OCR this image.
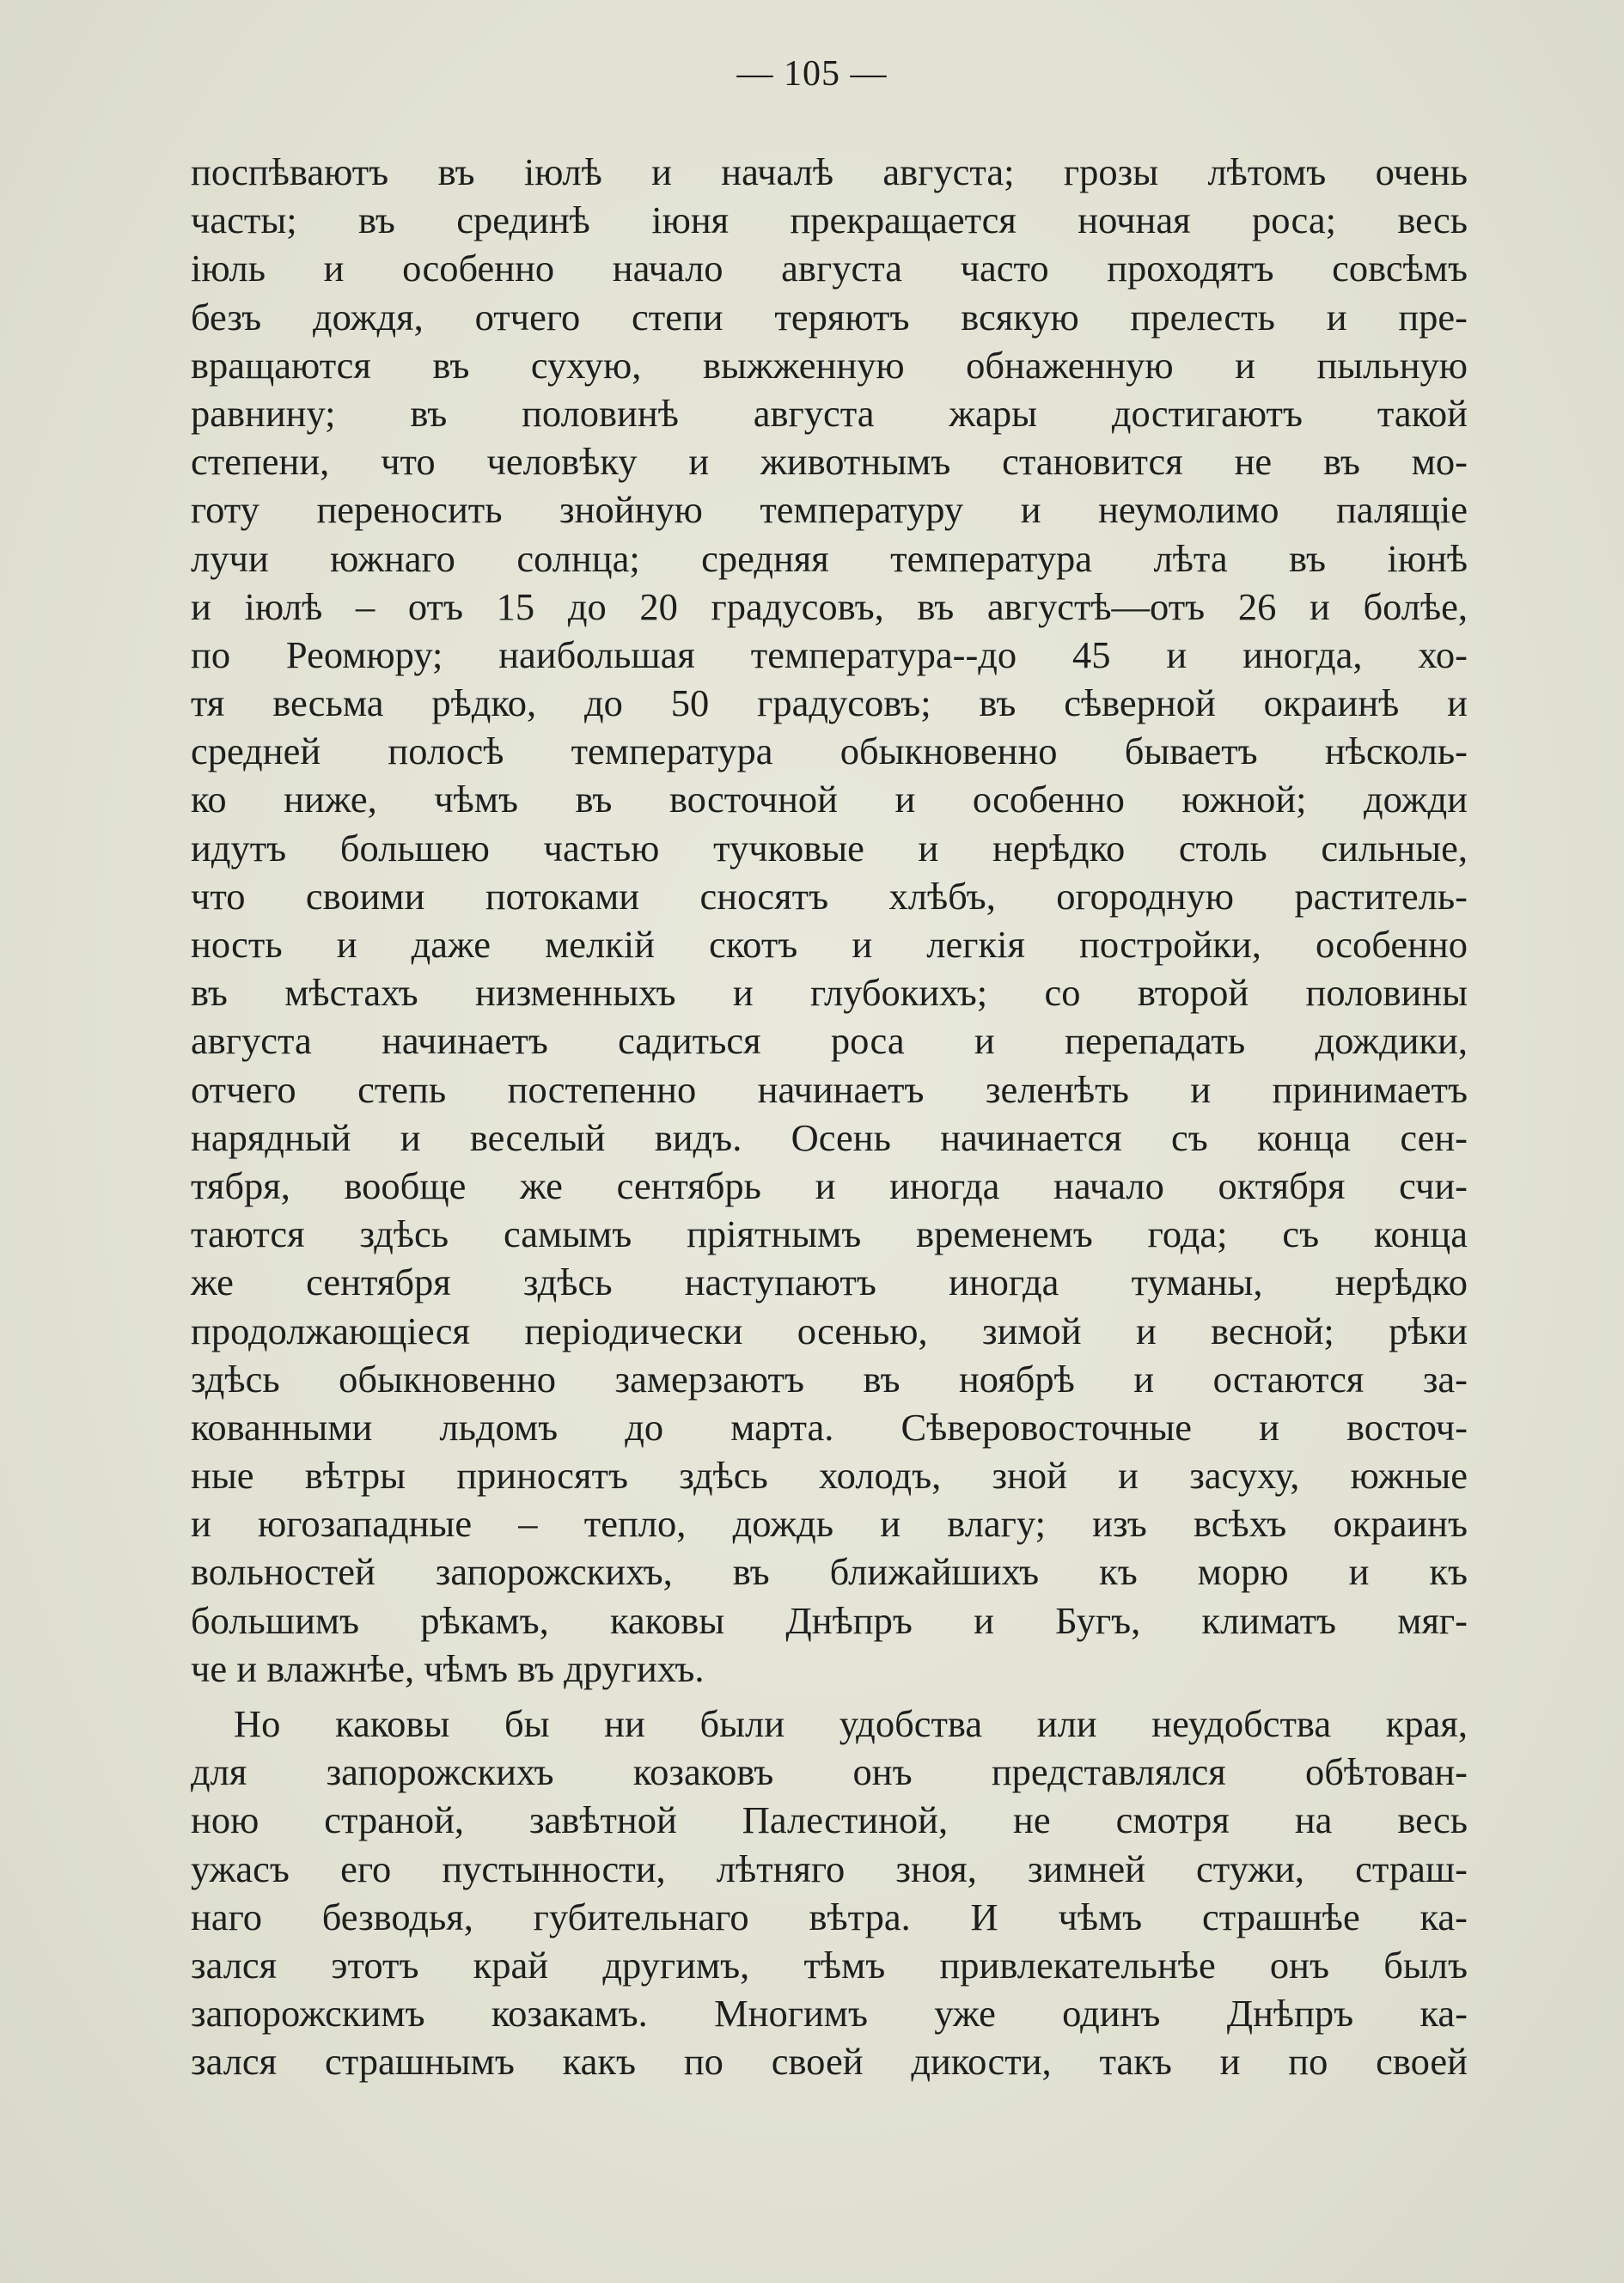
— 105 —
поспѣваютъ въ іюлѣ и началѣ августа; грозы лѣтомъ очень
часты; въ срединѣ іюня прекращается ночная роса; весь
іюль и особенно начало августа часто проходятъ совсѣмъ
безъ дождя, отчего степи теряютъ всякую прелесть и пре-
вращаются въ сухую, выжженную обнаженную и пыльную
равнину; въ половинѣ августа жары достигаютъ такой
степени, что человѣку и животнымъ становится не въ мо-
готу переносить знойную температуру и неумолимо палящіе
лучи южнаго солнца; средняя температура лѣта въ іюнѣ
и іюлѣ – отъ 15 до 20 градусовъ, въ августѣ—отъ 26 и болѣе,
по Реомюру; наибольшая температура--до 45 и иногда, хо-
тя весьма рѣдко, до 50 градусовъ; въ сѣверной окраинѣ и
средней полосѣ температура обыкновенно бываетъ нѣсколь-
ко ниже, чѣмъ въ восточной и особенно южной; дожди
идутъ большею частью тучковые и нерѣдко столь сильные,
что своими потоками сносятъ хлѣбъ, огородную раститель-
ность и даже мелкій скотъ и легкія постройки, особенно
въ мѣстахъ низменныхъ и глубокихъ; со второй половины
августа начинаетъ садиться роса и перепадать дождики,
отчего степь постепенно начинаетъ зеленѣть и принимаетъ
нарядный и веселый видъ. Осень начинается съ конца сен-
тября, вообще же сентябрь и иногда начало октября счи-
таются здѣсь самымъ пріятнымъ временемъ года; съ конца
же сентября здѣсь наступаютъ иногда туманы, нерѣдко
продолжающіеся періодически осенью, зимой и весной; рѣки
здѣсь обыкновенно замерзаютъ въ ноябрѣ и остаются за-
кованными льдомъ до марта. Сѣверовосточные и восточ-
ные вѣтры приносятъ здѣсь холодъ, зной и засуху, южные
и югозападные – тепло, дождь и влагу; изъ всѣхъ окраинъ
вольностей запорожскихъ, въ ближайшихъ къ морю и къ
большимъ рѣкамъ, каковы Днѣпръ и Бугъ, климатъ мяг-
че и влажнѣе, чѣмъ въ другихъ.
Но каковы бы ни были удобства или неудобства края,
для запорожскихъ козаковъ онъ представлялся обѣтован-
ною страной, завѣтной Палестиной, не смотря на весь
ужасъ его пустынности, лѣтняго зноя, зимней стужи, страш-
наго безводья, губительнаго вѣтра. И чѣмъ страшнѣе ка-
зался этотъ край другимъ, тѣмъ привлекательнѣе онъ былъ
запорожскимъ козакамъ. Многимъ уже одинъ Днѣпръ ка-
зался страшнымъ какъ по своей дикости, такъ и по своей
